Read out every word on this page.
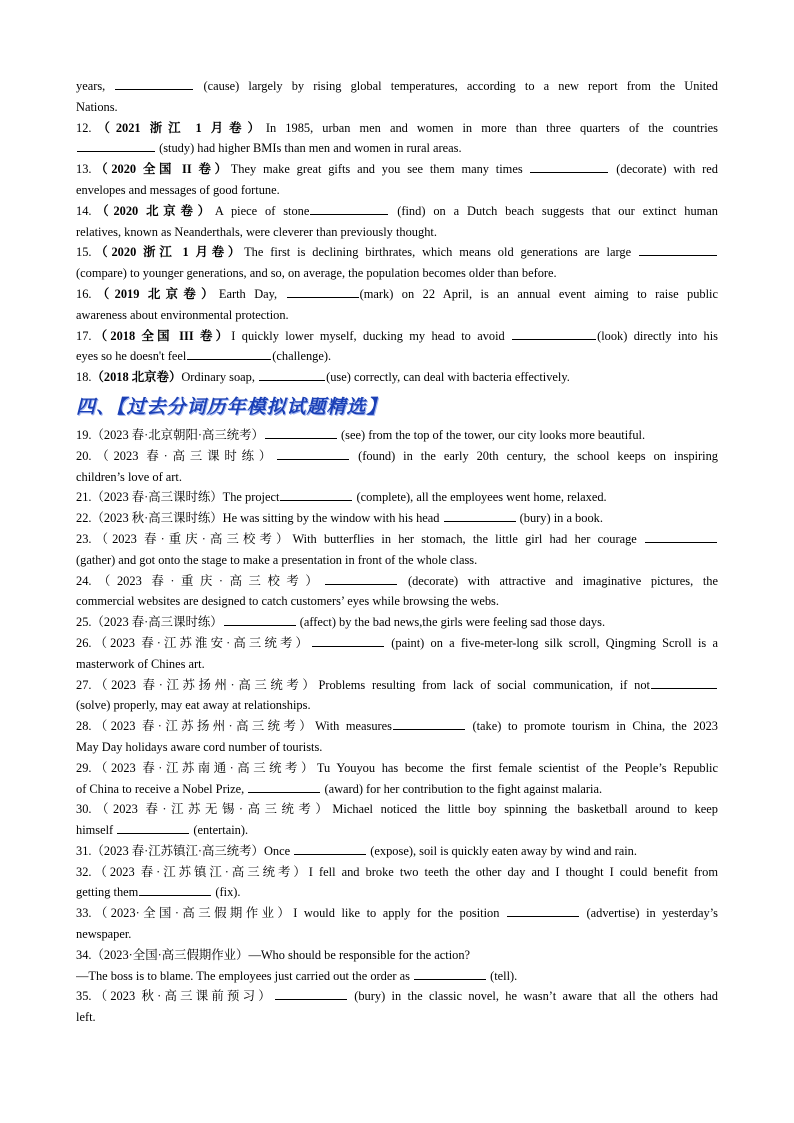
years,	(cause) largely by rising global temperatures, according to a new report from the United
Nations.
12.（2021 浙江 1 月卷）In 1985, urban men and women in more than three quarters of the countries
(study) had higher BMIs than men and women in rural areas.
13.（2020 全国 II 卷）They make great gifts and you see them many times	(decorate) with red
envelopes and messages of good fortune.
14.（2020 北京卷）A piece of stone	(find) on a Dutch beach suggests that our extinct human
relatives, known as Neanderthals, were cleverer than previously thought.
15.（2020 浙江 1 月卷）The first is declining birthrates, which means old generations are large
(compare) to younger generations, and so, on average, the population becomes older than before.
16.（2019 北京卷）Earth Day,	(mark) on 22 April, is an annual event aiming to raise public
awareness about environmental protection.
17.（2018 全国 III 卷）I quickly lower myself, ducking my head to avoid	(look) directly into his
eyes so he doesn't feel	(challenge).
18.（2018 北京卷）Ordinary soap,	(use) correctly, can deal with bacteria effectively.
四、【过去分词历年模拟试题精选】
19.（2023 春·北京朝阳·高三统考）	(see) from the top of the tower, our city looks more beautiful.
20.（2023 春·高三课时练）	(found) in the early 20th century, the school keeps on inspiring
children’s love of art.
21.（2023 春·高三课时练）The project	(complete), all the employees went home, relaxed.
22.（2023 秋·高三课时练）He was sitting by the window with his head	(bury) in a book.
23.（2023 春·重庆·高三校考）With butterflies in her stomach, the little girl had her courage
(gather) and got onto the stage to make a presentation in front of the whole class.
24.（2023 春·重庆·高三校考）	(decorate) with attractive and imaginative pictures, the
commercial websites are designed to catch customers’ eyes while browsing the webs.
25.（2023 春·高三课时练）	(affect) by the bad news,the girls were feeling sad those days.
26.（2023 春·江苏淮安·高三统考）	(paint) on a five-meter-long silk scroll, Qingming Scroll is a
masterwork of Chines art.
27.（2023 春·江苏扬州·高三统考）Problems resulting from lack of social communication, if not
(solve) properly, may eat away at relationships.
28.（2023 春·江苏扬州·高三统考）With measures	(take) to promote tourism in China, the 2023
May Day holidays aware cord number of tourists.
29.（2023 春·江苏南通·高三统考）Tu Youyou has become the first female scientist of the People’s Republic
of China to receive a Nobel Prize,	(award) for her contribution to the fight against malaria.
30.（2023 春·江苏无锡·高三统考）Michael noticed the little boy spinning the basketball around to keep
himself	(entertain).
31.（2023 春·江苏镇江·高三统考）Once	(expose), soil is quickly eaten away by wind and rain.
32.（2023 春·江苏镇江·高三统考）I fell and broke two teeth the other day and I thought I could benefit from
getting them	(fix).
33.（2023·全国·高三假期作业）I would like to apply for the position	(advertise) in yesterday’s
newspaper.
34.（2023·全国·高三假期作业）—Who should be responsible for the action?
—The boss is to blame. The employees just carried out the order as	(tell).
35.（2023 秋·高三课前预习）	(bury) in the classic novel, he wasn’t aware that all the others had
left.
